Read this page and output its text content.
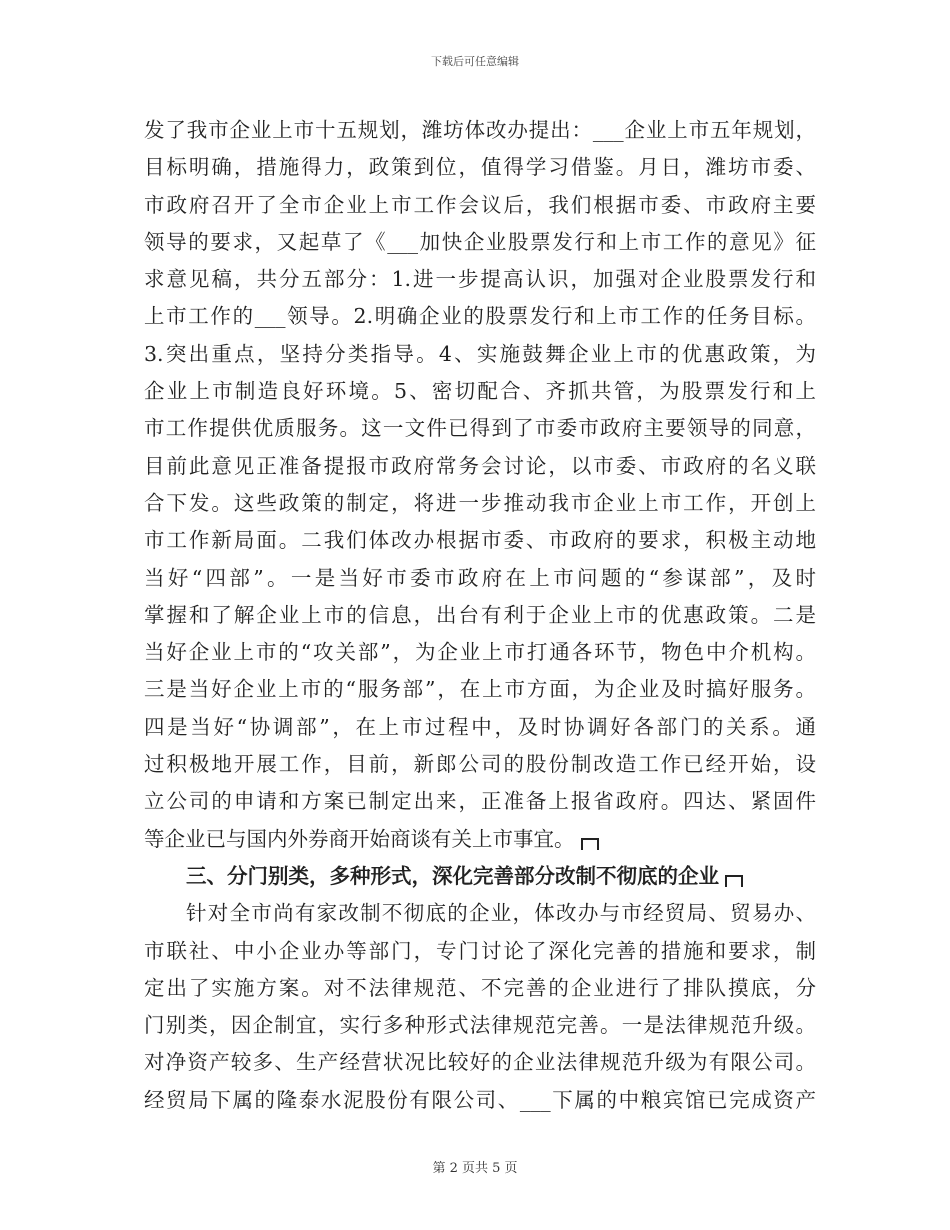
下载后可任意编辑
发了我市企业上市十五规划，潍坊体改办提出：___企业上市五年规划，
目标明确，措施得力，政策到位，值得学习借鉴。月日，潍坊市委、
市政府召开了全市企业上市工作会议后，我们根据市委、市政府主要
领导的要求，又起草了《___加快企业股票发行和上市工作的意见》征
求意见稿，共分五部分：1.进一步提高认识，加强对企业股票发行和
上市工作的___领导。2.明确企业的股票发行和上市工作的任务目标。
3.突出重点，坚持分类指导。4、实施鼓舞企业上市的优惠政策，为
企业上市制造良好环境。5、密切配合、齐抓共管，为股票发行和上
市工作提供优质服务。这一文件已得到了市委市政府主要领导的同意，
目前此意见正准备提报市政府常务会讨论，以市委、市政府的名义联
合下发。这些政策的制定，将进一步推动我市企业上市工作，开创上
市工作新局面。二我们体改办根据市委、市政府的要求，积极主动地
当好“四部”。一是当好市委市政府在上市问题的“参谋部”，及时
掌握和了解企业上市的信息，出台有利于企业上市的优惠政策。二是
当好企业上市的“攻关部”，为企业上市打通各环节，物色中介机构。
三是当好企业上市的“服务部”，在上市方面，为企业及时搞好服务。
四是当好“协调部”，在上市过程中，及时协调好各部门的关系。通
过积极地开展工作，目前，新郎公司的股份制改造工作已经开始，设
立公司的申请和方案已制定出来，正准备上报省政府。四达、紧固件
等企业已与国内外券商开始商谈有关上市事宜。
三、分门别类，多种形式，深化完善部分改制不彻底的企业
针对全市尚有家改制不彻底的企业，体改办与市经贸局、贸易办、
市联社、中小企业办等部门，专门讨论了深化完善的措施和要求，制
定出了实施方案。对不法律规范、不完善的企业进行了排队摸底，分
门别类，因企制宜，实行多种形式法律规范完善。一是法律规范升级。
对净资产较多、生产经营状况比较好的企业法律规范升级为有限公司。
经贸局下属的隆泰水泥股份有限公司、___下属的中粮宾馆已完成资产
第 2 页共 5 页
